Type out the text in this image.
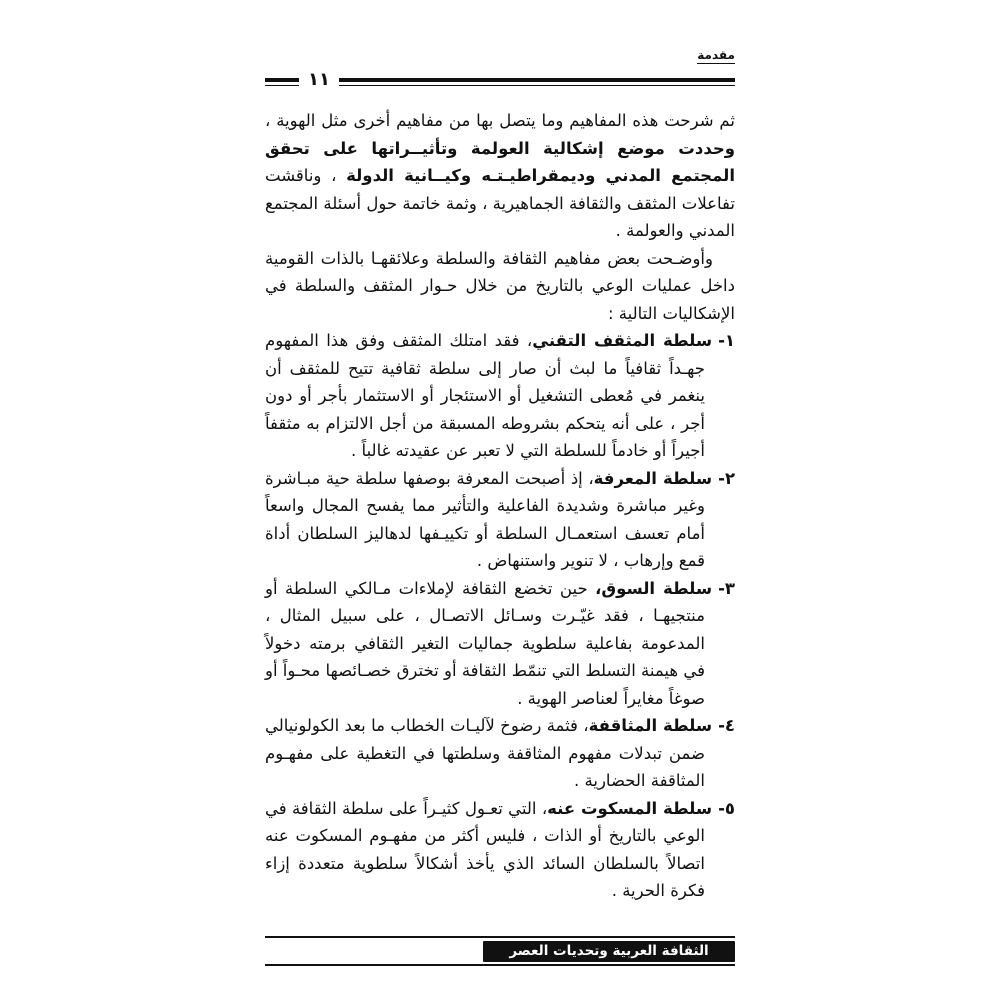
مقدمة
١١

ثم شرحت هذه المفاهيم وما يتصل بها من مفاهيم أخرى مثل الهوية ، وحددت موضع إشكالية العولمة وتأثيــراتها على تحقق المجتمع المدني وديمقراطيـتـه وكيــانية الدولة ، وناقشت تفاعلات المثقف والثقافة الجماهيرية ، وثمة خاتمة حول أسئلة المجتمع المدني والعولمة .

وأوضـحت بعض مفاهيم الثقافة والسلطة وعلائقهـا بالذات القومية داخل عمليات الوعي بالتاريخ من خلال حـوار المثقف والسلطة في الإشكاليات التالية :

١-سلطة المثقف التقني، فقد امتلك المثقف وفق هذا المفهوم جهـداً ثقافياً ما لبث أن صار إلى سلطة ثقافية تتيح للمثقف أن ينغمر في مُعطى التشغيل أو الاستئجار أو الاستثمار بأجر أو دون أجر ، على أنه يتحكم بشروطه المسبقة من أجل الالتزام به مثقفاً أجيراً أو خادماً للسلطة التي لا تعبر عن عقيدته غالباً .

٢-سلطة المعرفة، إذ أصبحت المعرفة بوصفها سلطة حية مبـاشرة وغير مباشرة وشديدة الفاعلية والتأثير مما يفسح المجال واسعاً أمام تعسف استعمـال السلطة أو تكييـفها لدهاليز السلطان أداة قمع وإرهاب ، لا تنوير واستنهاض .

٣-سلطة السوق، حين تخضع الثقافة لإملاءات مـالكي السلطة أو منتجيهـا ، فقد غيّـرت وسـائل الاتصـال ، على سبيل المثال ، المدعومة بفاعلية سلطوية جماليات التغير الثقافي برمته دخولاً في هيمنة التسلط التي تنمّط الثقافة أو تخترق خصـائصها محـواً أو صوغاً مغايراً لعناصر الهوية .

٤-سلطة المثاقفة، فثمة رضوخ لآليـات الخطاب ما بعد الكولونيالي ضمن تبدلات مفهوم المثاقفة وسلطتها في التغطية على مفهـوم المثاقفة الحضارية .

٥-سلطة المسكوت عنه، التي تعـول كثيـراً على سلطة الثقافة في الوعي بالتاريخ أو الذات ، فليس أكثر من مفهـوم المسكوت عنه اتصالاً بالسلطان السائد الذي يأخذ أشكالاً سلطوية متعددة إزاء فكرة الحرية .

الثقافة العربية وتحديات العصر
